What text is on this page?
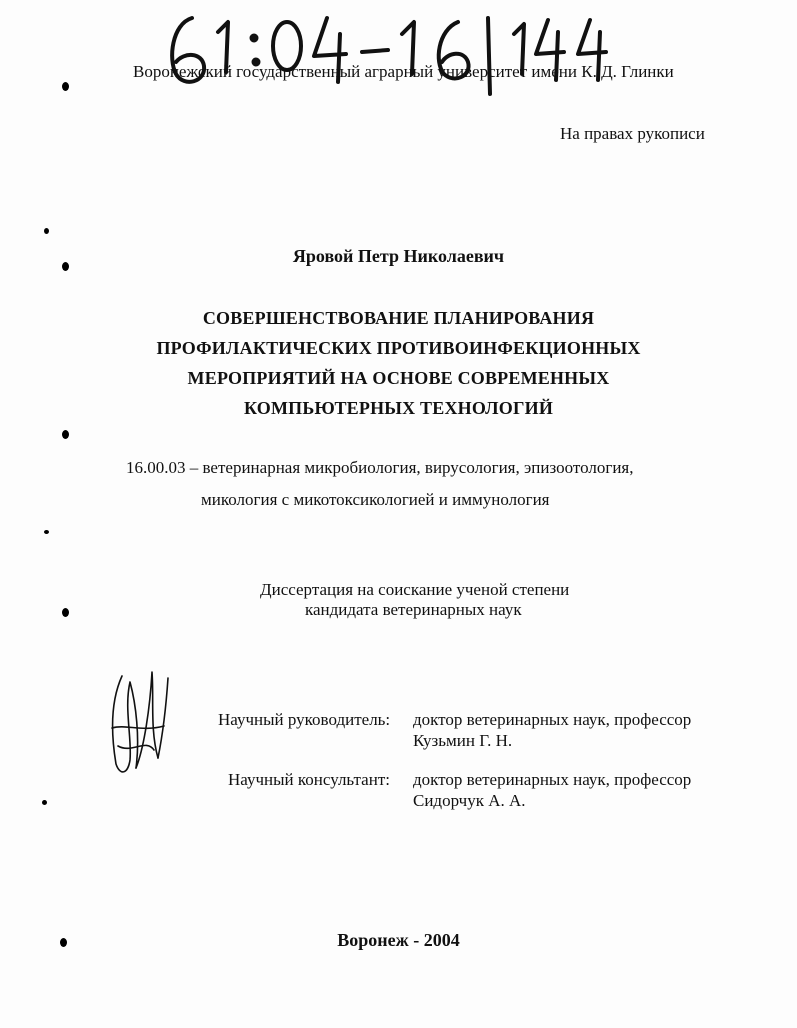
Воронежский государственный аграрный университет имени К. Д. Глинки
На правах рукописи
Яровой Петр Николаевич
СОВЕРШЕНСТВОВАНИЕ ПЛАНИРОВАНИЯ
ПРОФИЛАКТИЧЕСКИХ ПРОТИВОИНФЕКЦИОННЫХ
МЕРОПРИЯТИЙ НА ОСНОВЕ СОВРЕМЕННЫХ
КОМПЬЮТЕРНЫХ ТЕХНОЛОГИЙ
16.00.03 – ветеринарная микробиология, вирусология, эпизоотология,
микология с микотоксикологией и иммунология
Диссертация на соискание ученой степени
кандидата ветеринарных наук
Научный руководитель: доктор ветеринарных наук, профессор
Кузьмин Г. Н.
Научный консультант: доктор ветеринарных наук, профессор
Сидорчук А. А.
Воронеж - 2004
